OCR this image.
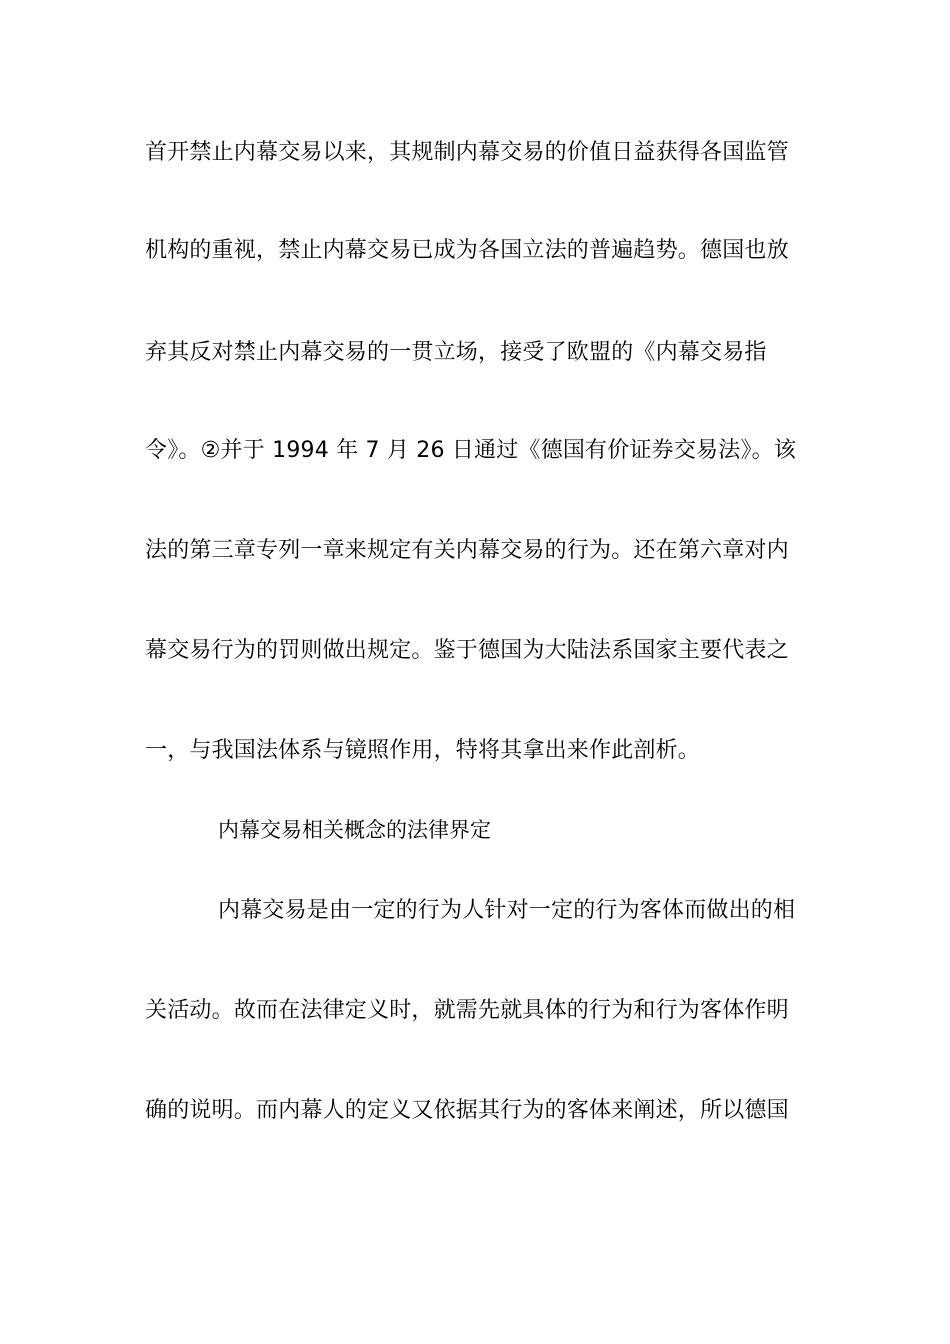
首开禁止内幕交易以来，其规制内幕交易的价值日益获得各国监管
机构的重视，禁止内幕交易已成为各国立法的普遍趋势。德国也放
弃其反对禁止内幕交易的一贯立场，接受了欧盟的《内幕交易指
令》。②并于 1994 年 7 月 26 日通过《德国有价证券交易法》。该
法的第三章专列一章来规定有关内幕交易的行为。还在第六章对内
幕交易行为的罚则做出规定。鉴于德国为大陆法系国家主要代表之
一，与我国法体系与镜照作用，特将其拿出来作此剖析。
内幕交易相关概念的法律界定
内幕交易是由一定的行为人针对一定的行为客体而做出的相
关活动。故而在法律定义时，就需先就具体的行为和行为客体作明
确的说明。而内幕人的定义又依据其行为的客体来阐述，所以德国
